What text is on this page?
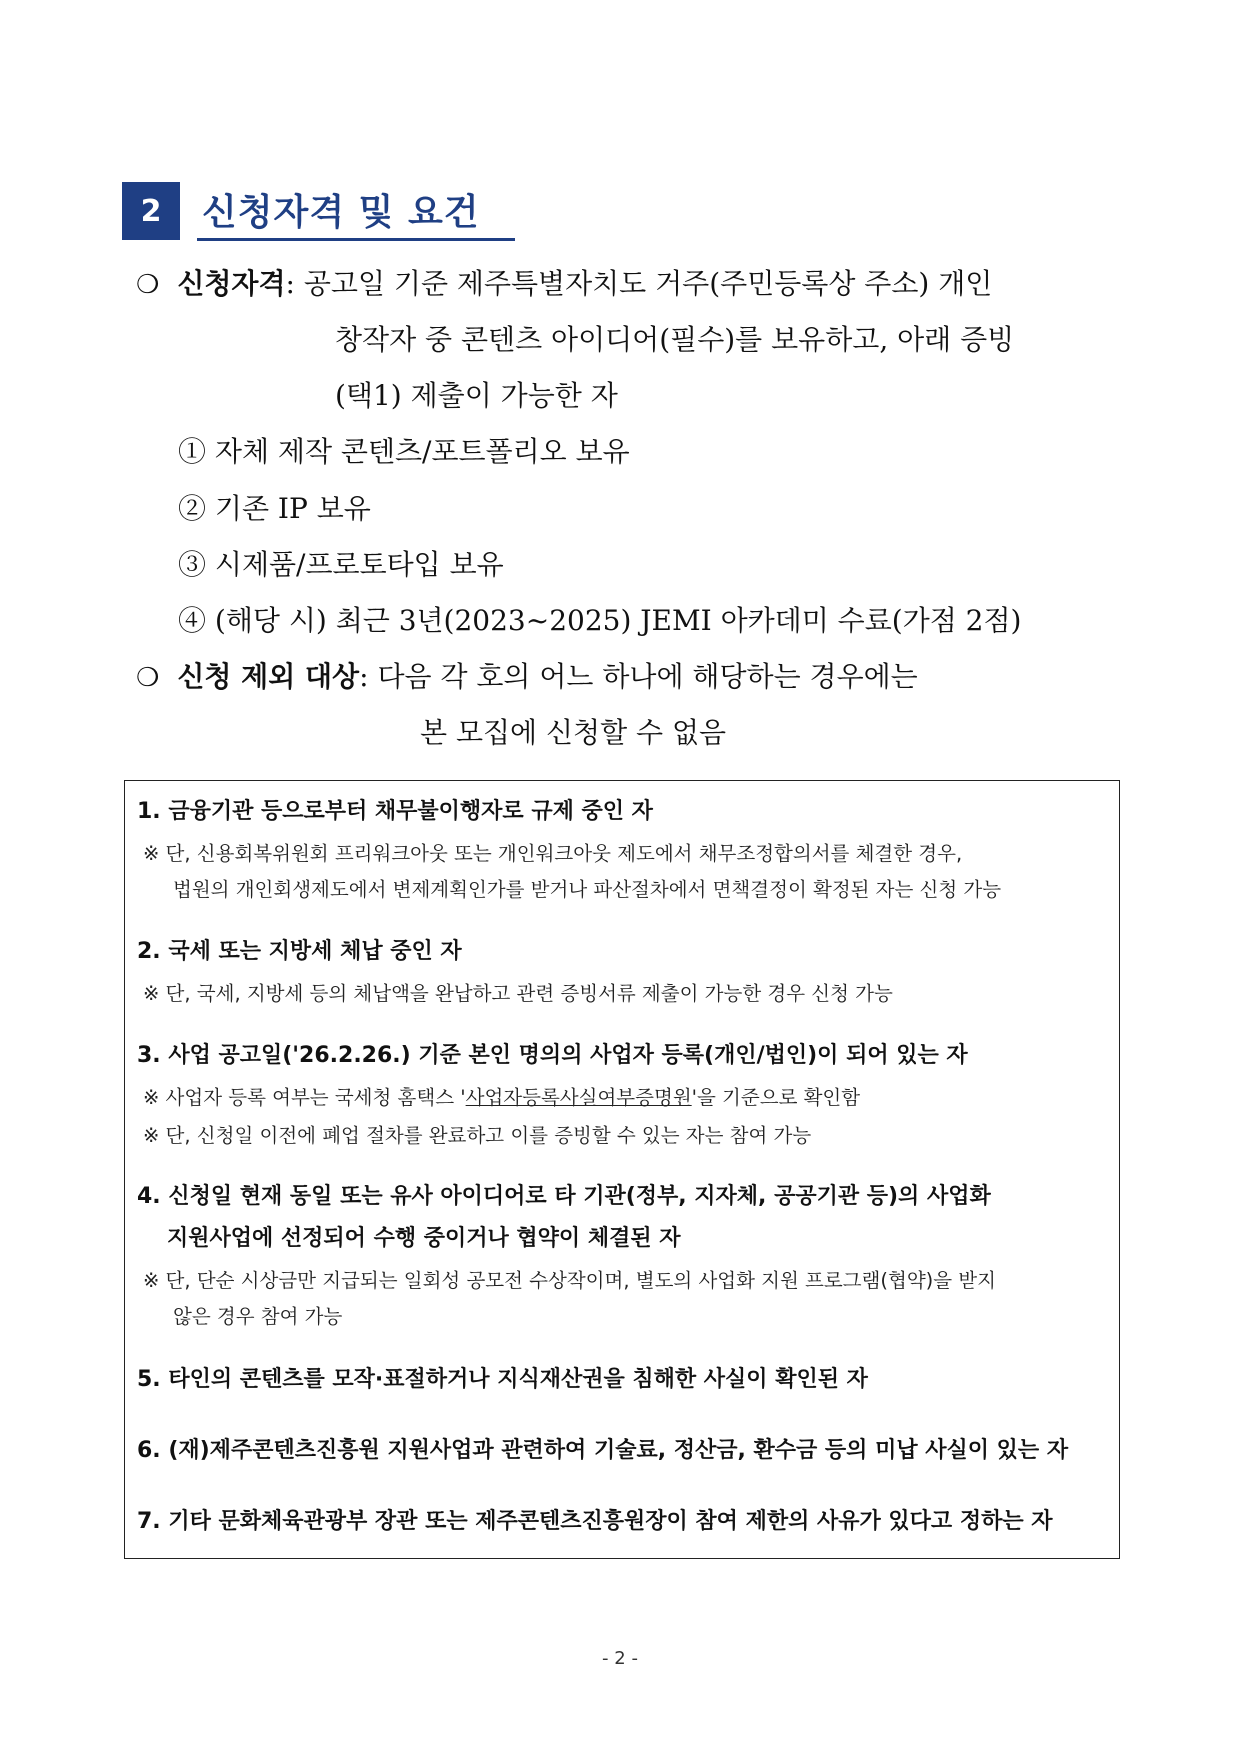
2	신청자격 및 요건
❍ 신청자격: 공고일 기준 제주특별자치도 거주(주민등록상 주소) 개인
창작자 중 콘텐츠 아이디어(필수)를 보유하고, 아래 증빙
(택1) 제출이 가능한 자
① 자체 제작 콘텐츠/포트폴리오 보유
② 기존 IP 보유
③ 시제품/프로토타입 보유
④ (해당 시) 최근 3년(2023~2025) JEMI 아카데미 수료(가점 2점)
❍ 신청 제외 대상: 다음 각 호의 어느 하나에 해당하는 경우에는
본 모집에 신청할 수 없음
1. 금융기관 등으로부터 채무불이행자로 규제 중인 자
※ 단, 신용회복위원회 프리워크아웃 또는 개인워크아웃 제도에서 채무조정합의서를 체결한 경우,
법원의 개인회생제도에서 변제계획인가를 받거나 파산절차에서 면책결정이 확정된 자는 신청 가능
2. 국세 또는 지방세 체납 중인 자
※ 단, 국세, 지방세 등의 체납액을 완납하고 관련 증빙서류 제출이 가능한 경우 신청 가능
3. 사업 공고일('26.2.26.) 기준 본인 명의의 사업자 등록(개인/법인)이 되어 있는 자
※ 사업자 등록 여부는 국세청 홈택스 '사업자등록사실여부증명원'을 기준으로 확인함
※ 단, 신청일 이전에 폐업 절차를 완료하고 이를 증빙할 수 있는 자는 참여 가능
4. 신청일 현재 동일 또는 유사 아이디어로 타 기관(정부, 지자체, 공공기관 등)의 사업화
지원사업에 선정되어 수행 중이거나 협약이 체결된 자
※ 단, 단순 시상금만 지급되는 일회성 공모전 수상작이며, 별도의 사업화 지원 프로그램(협약)을 받지
않은 경우 참여 가능
5. 타인의 콘텐츠를 모작·표절하거나 지식재산권을 침해한 사실이 확인된 자
6. (재)제주콘텐츠진흥원 지원사업과 관련하여 기술료, 정산금, 환수금 등의 미납 사실이 있는 자
7. 기타 문화체육관광부 장관 또는 제주콘텐츠진흥원장이 참여 제한의 사유가 있다고 정하는 자
- 2 -
